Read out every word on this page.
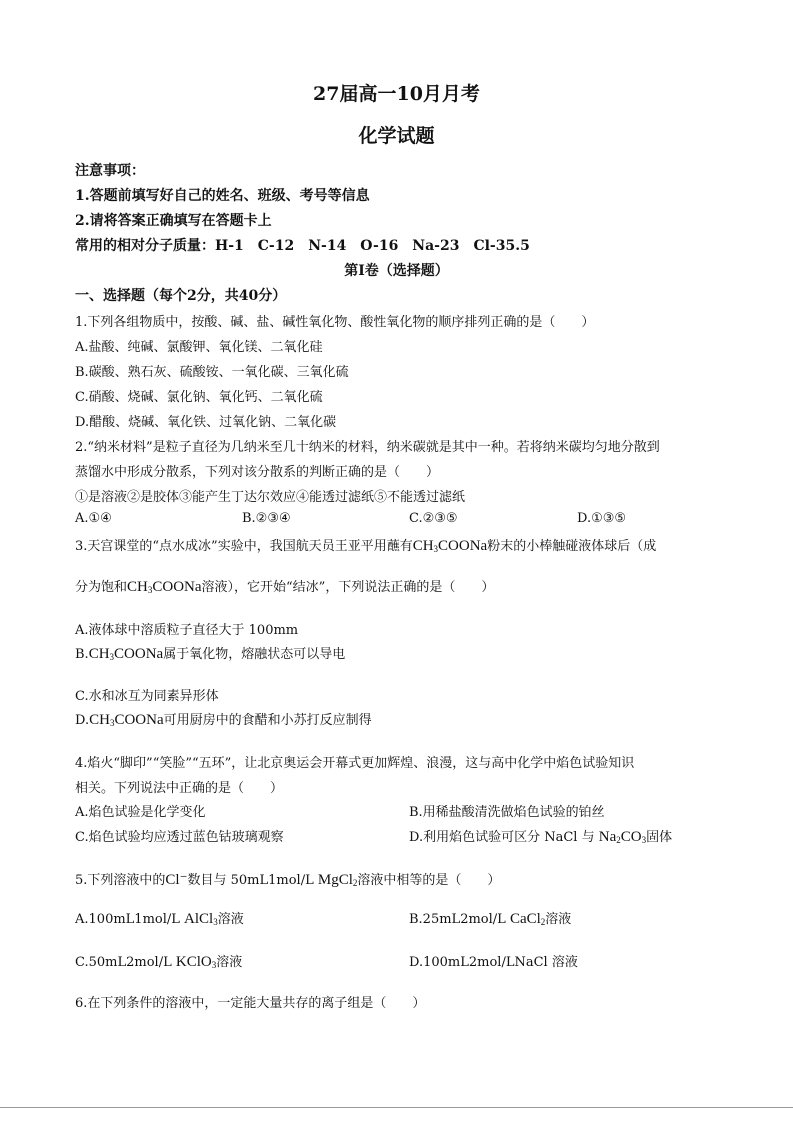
27届高一10月月考
化学试题
注意事项：
1.答题前填写好自己的姓名、班级、考号等信息
2.请将答案正确填写在答题卡上
常用的相对分子质量：H-1　C-12　N-14　O-16　Na-23　Cl-35.5
第Ⅰ卷（选择题）
一、选择题（每个2分，共40分）
1.下列各组物质中，按酸、碱、盐、碱性氧化物、酸性氧化物的顺序排列正确的是（　　）
A.盐酸、纯碱、氯酸钾、氧化镁、二氧化硅
B.碳酸、熟石灰、硫酸铵、一氧化碳、三氧化硫
C.硝酸、烧碱、氯化钠、氧化钙、二氧化硫
D.醋酸、烧碱、氧化铁、过氧化钠、二氧化碳
2.“纳米材料”是粒子直径为几纳米至几十纳米的材料，纳米碳就是其中一种。若将纳米碳均匀地分散到
蒸馏水中形成分散系，下列对该分散系的判断正确的是（　　）
①是溶液②是胶体③能产生丁达尔效应④能透过滤纸⑤不能透过滤纸
A.①④	B.②③④	C.②③⑤	D.①③⑤
3.天宫课堂的“点水成冰”实验中，我国航天员王亚平用蘸有$CH_3COONa$粉末的小棒触碰液体球后（成
分为饱和$CH_3COONa$溶液），它开始“结冰”，下列说法正确的是（　　）
A.液体球中溶质粒子直径大于 100mm
$B.CH_3COONa$属于氧化物，熔融状态可以导电
C.水和冰互为同素异形体
$D.CH_3COONa$可用厨房中的食醋和小苏打反应制得
4.焰火“脚印”“笑脸”“五环”，让北京奥运会开幕式更加辉煌、浪漫，这与高中化学中焰色试验知识
相关。下列说法中正确的是（　　）
A.焰色试验是化学变化	B.用稀盐酸清洗做焰色试验的铂丝
C.焰色试验均应透过蓝色钴玻璃观察	D.利用焰色试验可区分 NaCl 与 $Na_2CO_3$固体
5.下列溶液中的Cl⁻数目与 50mL1mol/L MgCl$_2$溶液中相等的是（　　）
A.100mL1mol/L AlCl$_3$溶液	B.25mL2mol/L CaCl$_2$溶液
C.50mL2mol/L KClO$_3$溶液	D.100mL2mol/LNaCl 溶液
6.在下列条件的溶液中，一定能大量共存的离子组是（　　）
